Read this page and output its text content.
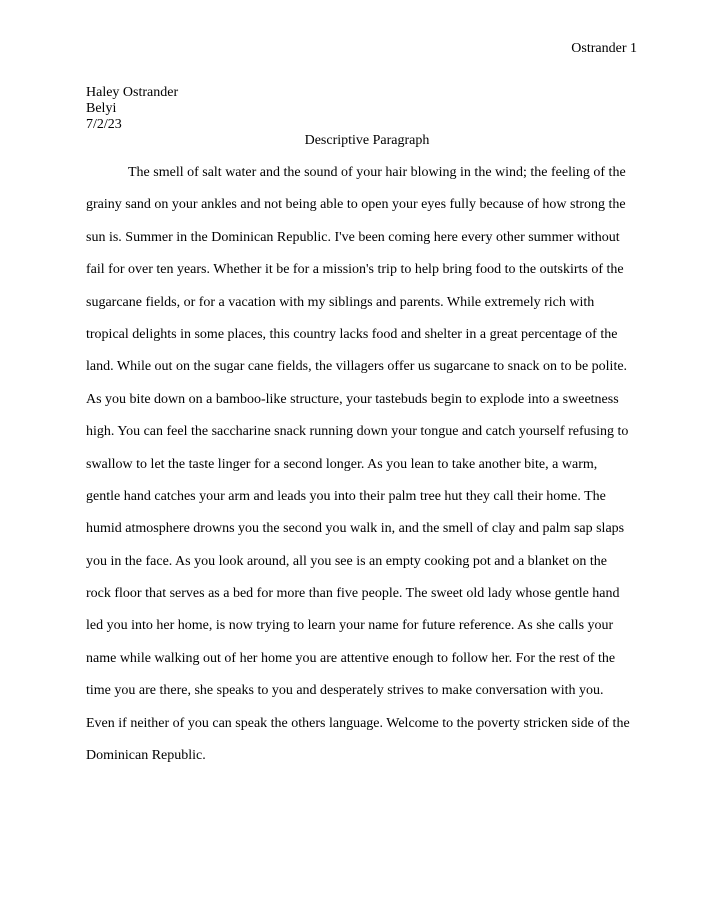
Ostrander 1
Haley Ostrander
Belyi
7/2/23
Descriptive Paragraph
The smell of salt water and the sound of your hair blowing in the wind; the feeling of the
grainy sand on your ankles and not being able to open your eyes fully because of how strong the
sun is. Summer in the Dominican Republic. I've been coming here every other summer without
fail for over ten years. Whether it be for a mission's trip to help bring food to the outskirts of the
sugarcane fields, or for a vacation with my siblings and parents. While extremely rich with
tropical delights in some places, this country lacks food and shelter in a great percentage of the
land. While out on the sugar cane fields, the villagers offer us sugarcane to snack on to be polite.
As you bite down on a bamboo-like structure, your tastebuds begin to explode into a sweetness
high. You can feel the saccharine snack running down your tongue and catch yourself refusing to
swallow to let the taste linger for a second longer. As you lean to take another bite, a warm,
gentle hand catches your arm and leads you into their palm tree hut they call their home. The
humid atmosphere drowns you the second you walk in, and the smell of clay and palm sap slaps
you in the face. As you look around, all you see is an empty cooking pot and a blanket on the
rock floor that serves as a bed for more than five people. The sweet old lady whose gentle hand
led you into her home, is now trying to learn your name for future reference. As she calls your
name while walking out of her home you are attentive enough to follow her. For the rest of the
time you are there, she speaks to you and desperately strives to make conversation with you.
Even if neither of you can speak the others language. Welcome to the poverty stricken side of the
Dominican Republic.
